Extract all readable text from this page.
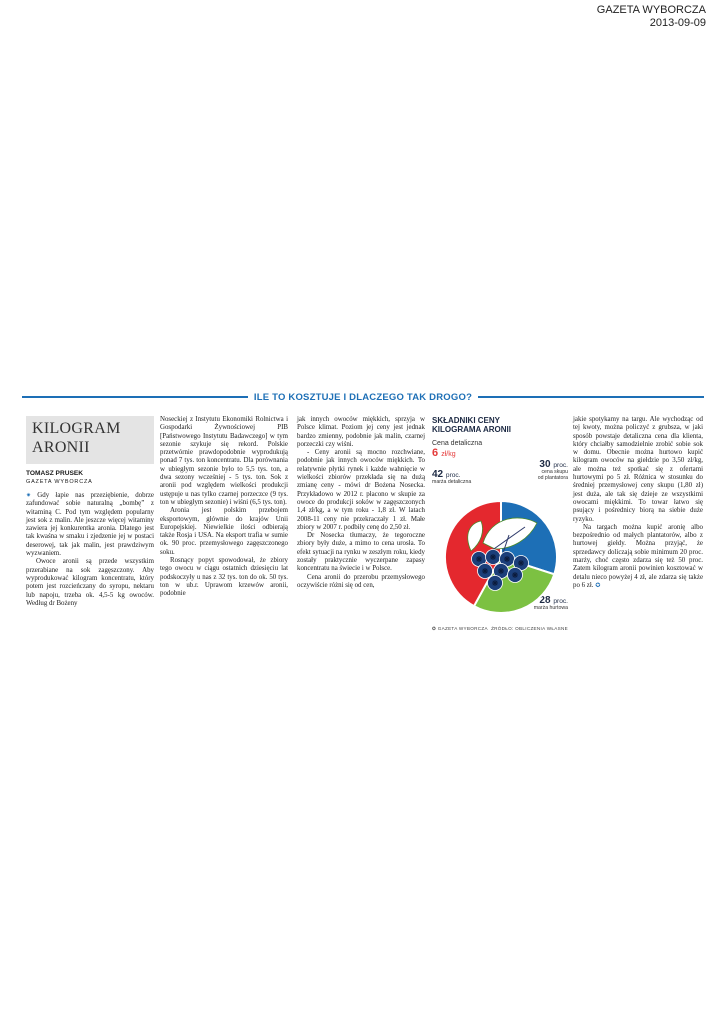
GAZETA WYBORCZA
2013-09-09
ILE TO KOSZTUJE I DLACZEGO TAK DROGO?
KILOGRAM
ARONII
TOMASZ PRUSEK
GAZETA WYBORCZA

✷ Gdy łapie nas przeziębienie, dobrze zafundować sobie naturalną „bombę” z witaminą C. Pod tym względem popularny jest sok z malin. Ale jeszcze więcej witaminy zawiera jej konkurentka aronia. Dlatego jest tak kwaśna w smaku i zjedzenie jej w postaci deserowej, tak jak malin, jest prawdziwym wyzwaniem.

Owoce aronii są przede wszystkim przerabiane na sok zagęszczony. Aby wyprodukować kilogram koncentratu, który potem jest rozcieńczany do syropu, nektaru lub napoju, trzeba ok. 4,5-5 kg owoców. Według dr Bożeny

Noseckiej z Instytutu Ekonomiki Rolnictwa i Gospodarki Żywnościowej PIB [Państwowego Instytutu Badawczego] w tym sezonie szykuje się rekord. Polskie przetwórnie prawdopodobnie wyprodukują ponad 7 tys. ton koncentratu. Dla porównania w ubiegłym sezonie było to 5,5 tys. ton, a dwa sezony wcześniej - 5 tys. ton. Sok z aronii pod względem wielkości produkcji ustępuje u nas tylko czarnej porzeczce (9 tys. ton w ubiegłym sezonie) i wiśni (6,5 tys. ton).

Aronia jest polskim przebojem eksportowym, głównie do krajów Unii Europejskiej. Niewielkie ilości odbierają także Rosja i USA. Na eksport trafia w sumie ok. 90 proc. przemysłowego zagęszczonego soku.

Rosnący popyt spowodował, że zbiory tego owocu w ciągu ostatnich dziesięciu lat podskoczyły u nas z 32 tys. ton do ok. 50 tys. ton w ub.r. Uprawom krzewów aronii, podobnie

jak innych owoców miękkich, sprzyja w Polsce klimat. Poziom jej ceny jest jednak bardzo zmienny, podobnie jak malin, czarnej porzeczki czy wiśni.

- Ceny aronii są mocno rozchwiane, podobnie jak innych owoców miękkich. To relatywnie płytki rynek i każde wahnięcie w wielkości zbiorów przekłada się na dużą zmianę ceny - mówi dr Bożena Nosecka. Przykładowo w 2012 r. płacono w skupie za owoce do produkcji soków w zagęszczonych 1,4 zł/kg, a w tym roku - 1,8 zł. W latach 2008-11 ceny nie przekraczały 1 zł. Małe zbiory w 2007 r. podbiły cenę do 2,50 zł.

Dr Nosecka tłumaczy, że tegoroczne zbiory były duże, a mimo to cena urosła. To efekt sytuacji na rynku w zeszłym roku, kiedy zostały praktycznie wyczerpane zapasy koncentratu na świecie i w Polsce.

Cena aronii do przerobu przemysłowego oczywiście różni się od cen,

SKŁADNIKI CENY
KILOGRAMA ARONII
Cena detaliczna
6 zł/kg
42 proc.
marża detaliczna
30 proc.
cena skupu
od plantatora
28 proc.
marża hurtowa
✪ GAZETA WYBORCZA ŹRÓDŁO: OBLICZENIA WŁASNE

jakie spotykamy na targu. Ale wychodząc od tej kwoty, można policzyć z grubsza, w jaki sposób powstaje detaliczna cena dla klienta, który chciałby samodzielnie zrobić sobie sok w domu. Obecnie można hurtowo kupić kilogram owoców na giełdzie po 3,50 zł/kg, ale można też spotkać się z ofertami hurtowymi po 5 zł. Różnica w stosunku do średniej przemysłowej ceny skupu (1,80 zł) jest duża, ale tak się dzieje ze wszystkimi owocami miękkimi. To towar łatwo się psujący i pośrednicy biorą na siebie duże ryzyko.

Na targach można kupić aronię albo bezpośrednio od małych plantatorów, albo z hurtowej giełdy. Można przyjąć, że sprzedawcy doliczają sobie minimum 20 proc. marży, choć często zdarza się też 50 proc. Zatem kilogram aronii powinien kosztować w detalu nieco powyżej 4 zł, ale zdarza się także po 6 zł. ✪
